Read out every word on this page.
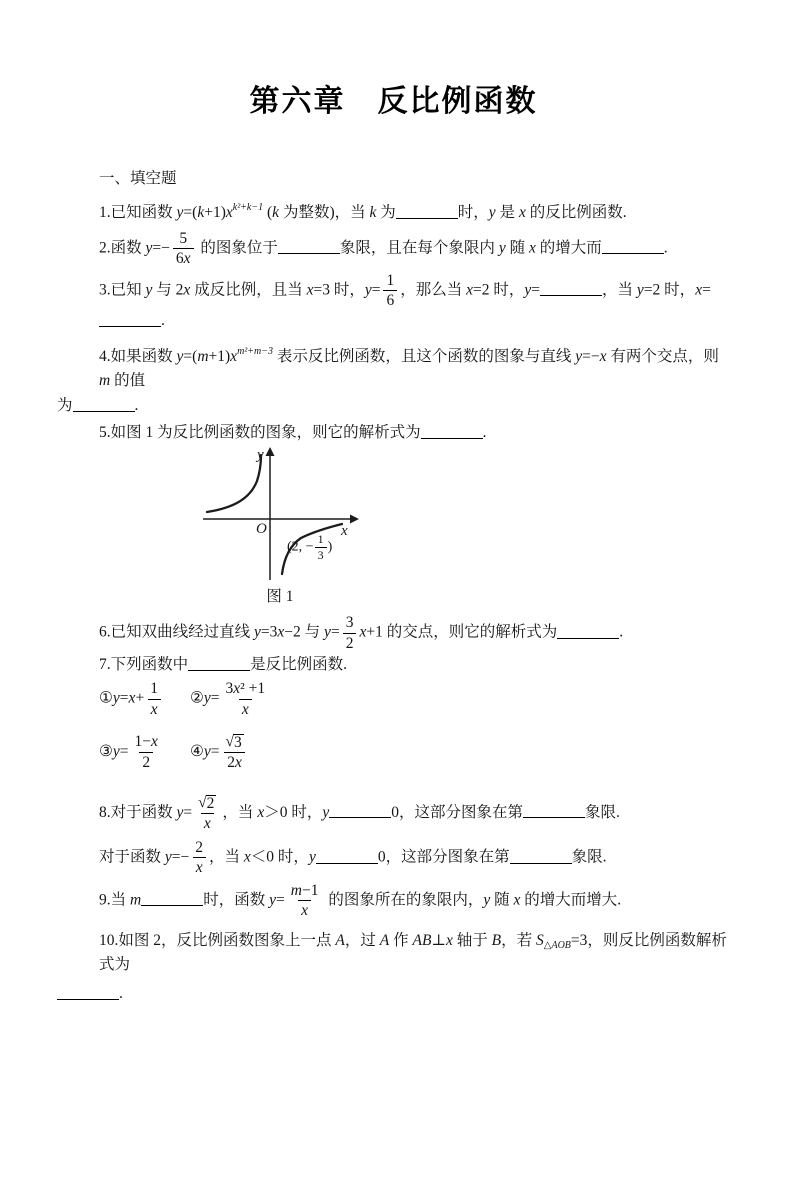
第六章　反比例函数

一、填空题

1.已知函数 $y=(k+1)x^{k^2+k-1}$ (k 为整数)，当 k 为	时，y 是 x 的反比例函数.

2.函数 $y=- \frac{5}{6x}$ 的图象位于	象限，且在每个象限内 y 随 x 的增大而	.

3.已知 y 与 2x 成反比例，且当 x=3 时，$y= \frac{1}{6}$ ，那么当 x=2 时，y=	，当 y=2 时，x=.

4.如果函数 $y=(m+1)x^{m^2+m-3}$ 表示反比例函数，且这个函数的图象与直线 y=−x 有两个交点，则 m 的值

为	.

5.如图 1 为反比例函数的图象，则它的解析式为	.

y
x
O
(2, − $\frac{1}{3}$ )
图 1

6.已知双曲线经过直线 y=3x−2 与 $y= \frac{3}{2} x+1$ 的交点，则它的解析式为	.

7.下列函数中	是反比例函数.

①y=x+ $\frac{1}{x}$ ②y= $\frac{\text{3x² +1}}{x}$

③y= $\frac{1-x}{2}$ ④y= $\frac{√ 3}{2x}$

8.对于函数 $y= \frac{√ 2}{x}$ ，当 x＞0 时，y	0，这部分图象在第	象限.

对于函数 $y=- \frac{2}{x}$ ，当 x＜0 时，y	0，这部分图象在第	象限.

9.当 m	时，函数 $y= \frac{m-1}{x}$ 的图象所在的象限内，y 随 x 的增大而增大.

10.如图 2，反比例函数图象上一点 A，过 A 作 AB⊥x 轴于 B，若 $S_{\triangle AOB}=3$，则反比例函数解析式为

.
